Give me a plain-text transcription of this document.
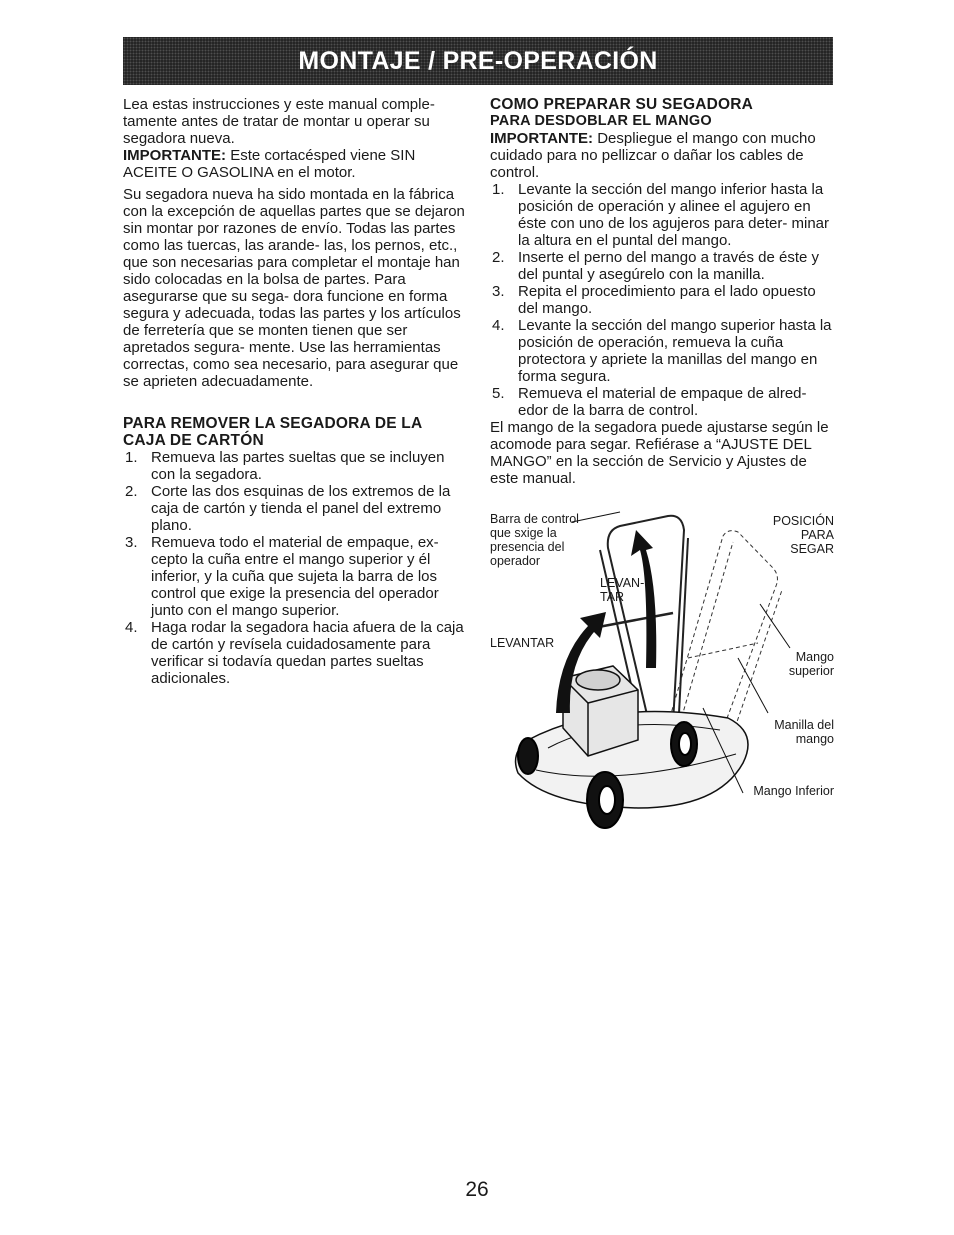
MONTAJE / PRE-OPERACIÓN

Lea estas instrucciones y este manual comple- tamente antes de tratar de montar u operar su segadora nueva.

IMPORTANTE: Este cortacésped viene SIN ACEITE O GASOLINA en el motor.

Su segadora nueva ha sido montada en la fábrica con la excepción de aquellas partes que se dejaron sin montar por razones de envío. Todas las partes como las tuercas, las arande- las, los pernos, etc., que son necesarias para completar el montaje han sido colocadas en la bolsa de partes. Para asegurarse que su sega- dora funcione en forma segura y adecuada, todas las partes y los artículos de ferretería que se monten tienen que ser apretados segura- mente. Use las herramientas correctas, como sea necesario, para asegurar que se aprieten adecuadamente.

PARA REMOVER LA SEGADORA DE LA CAJA DE CARTÓN
1. Remueva las partes sueltas que se incluyen con la segadora.
2. Corte las dos esquinas de los extremos de la caja de cartón y tienda el panel del extremo plano.
3. Remueva todo el material de empaque, ex- cepto la cuña entre el mango superior y él inferior, y la cuña que sujeta la barra de los control que exige la presencia del operador junto con el mango superior.
4. Haga rodar la segadora hacia afuera de la caja de cartón y revísela cuidadosamente para verificar si todavía quedan partes sueltas adicionales.
COMO PREPARAR SU SEGADORA
PARA DESDOBLAR EL MANGO

IMPORTANTE: Despliegue el mango con mucho cuidado para no pellizcar o dañar los cables de control.

1. Levante la sección del mango inferior hasta la posición de operación y alinee el agujero en éste con uno de los agujeros para deter- minar la altura en el puntal del mango.
2. Inserte el perno del mango a través de éste y del puntal y asegúrelo con la manilla.
3. Repita el procedimiento para el lado opuesto del mango.
4. Levante la sección del mango superior hasta la posición de operación, remueva la cuña protectora y apriete la manillas del mango en forma segura.
5. Remueva el material de empaque de alred- edor de la barra de control.

El mango de la segadora puede ajustarse según le acomode para segar. Refiérase a “AJUSTE DEL MANGO” en la sección de Servicio y Ajustes de este manual.

Barra de control
que sxige la
presencia del
operador
POSICIÓN
PARA
SEGAR
LEVAN-
TAR
LEVANTAR
Mango
superior
Manilla del
mango
Mango Inferior
26
